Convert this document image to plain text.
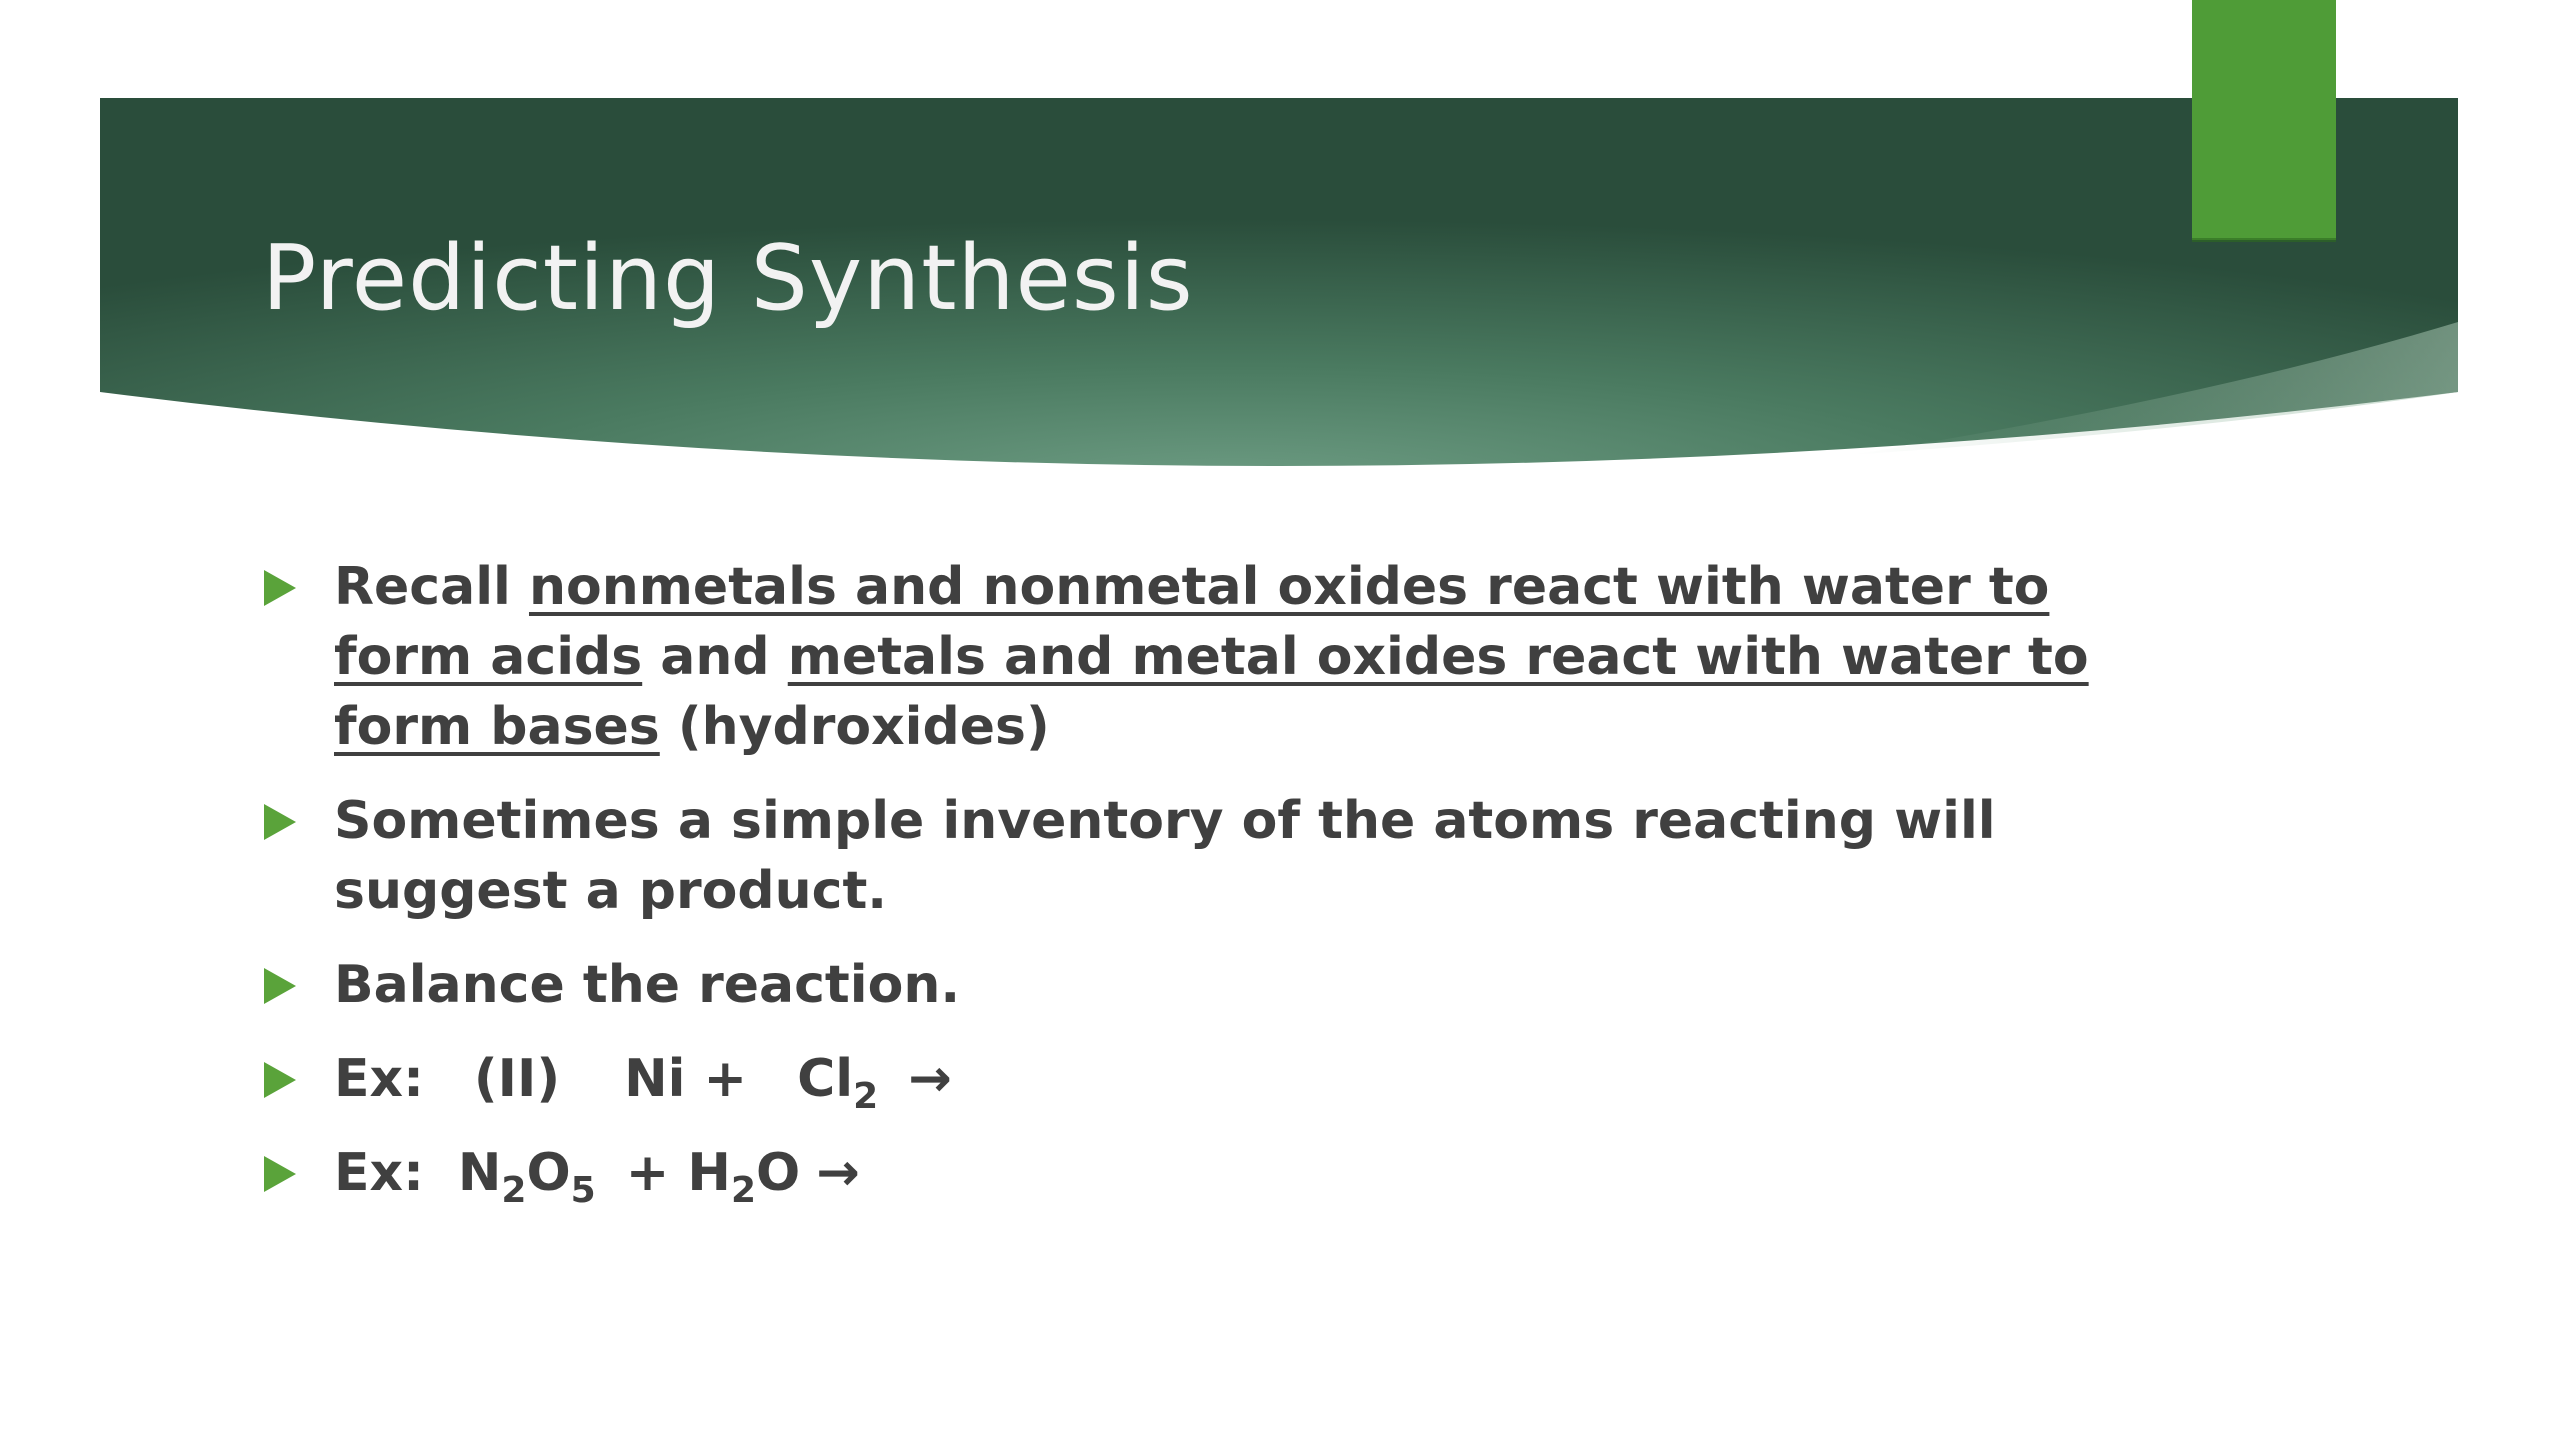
Predicting Synthesis
Recall nonmetals and nonmetal oxides react with water to form acids and metals and metal oxides react with water to form bases (hydroxides)
Sometimes a simple inventory of the atoms reacting will suggest a product.
Balance the reaction.
Ex: (II) $Ni + Cl_2$ →
Ex: $N_2O_5 + H_2O$ →
